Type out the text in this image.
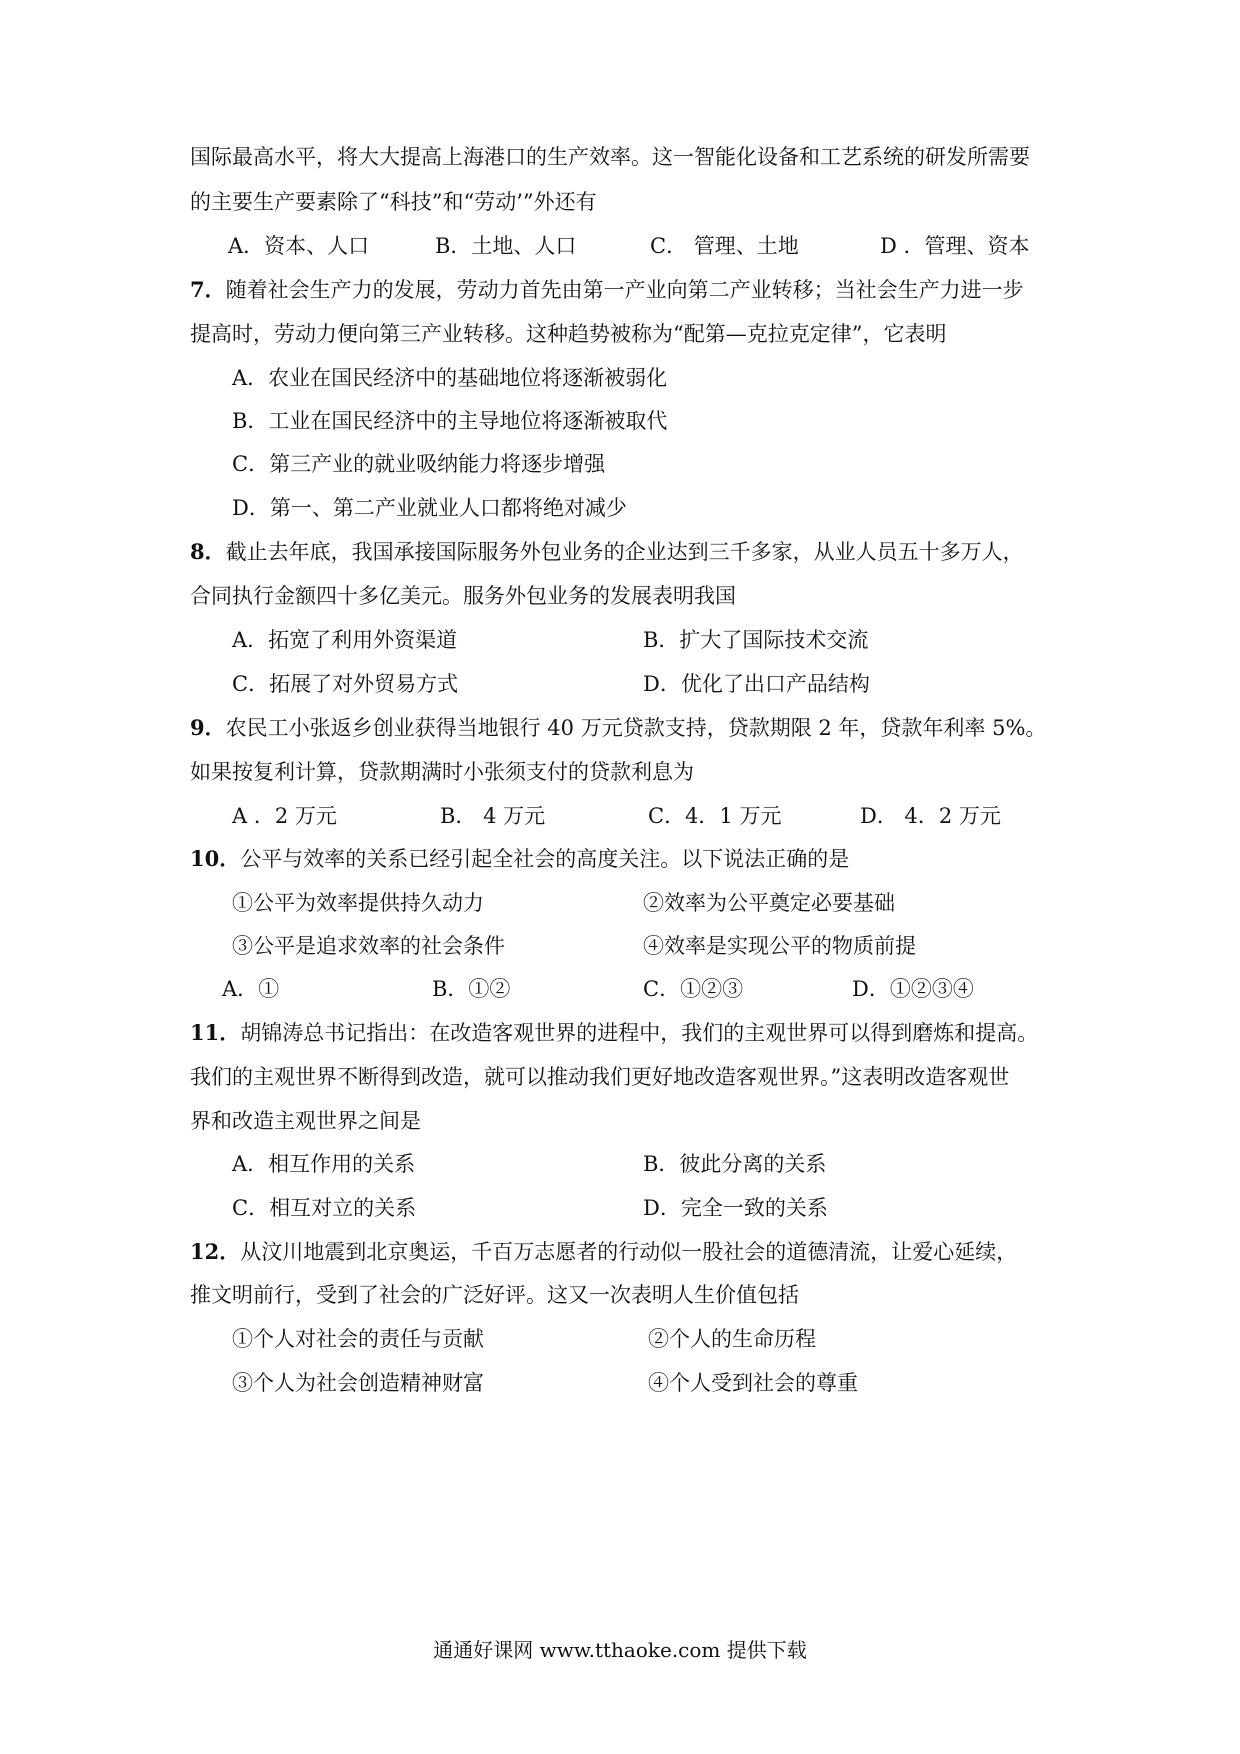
国际最高水平，将大大提高上海港口的生产效率。这一智能化设备和工艺系统的研发所需要
的主要生产要素除了“科技”和“劳动’”外还有
A．资本、人口	B．土地、人口	C． 管理、土地	D ．管理、资本
7．随着社会生产力的发展，劳动力首先由第一产业向第二产业转移；当社会生产力进一步
提高时，劳动力便向第三产业转移。这种趋势被称为“配第—克拉克定律”，它表明
A．农业在国民经济中的基础地位将逐渐被弱化
B．工业在国民经济中的主导地位将逐渐被取代
C．第三产业的就业吸纳能力将逐步增强
D．第一、第二产业就业人口都将绝对减少
8．截止去年底，我国承接国际服务外包业务的企业达到三千多家，从业人员五十多万人，
合同执行金额四十多亿美元。服务外包业务的发展表明我国
A．拓宽了利用外资渠道	B．扩大了国际技术交流
C．拓展了对外贸易方式	D．优化了出口产品结构
9．农民工小张返乡创业获得当地银行 40 万元贷款支持，贷款期限 2 年，贷款年利率 5%。
如果按复利计算，贷款期满时小张须支付的贷款利息为
A ．2 万元	B． 4 万元	C．4．1 万元	D． 4．2 万元
10．公平与效率的关系已经引起全社会的高度关注。以下说法正确的是
①公平为效率提供持久动力	②效率为公平奠定必要基础
③公平是追求效率的社会条件	④效率是实现公平的物质前提
A．①	B．①②	C．①②③	D．①②③④
11．胡锦涛总书记指出：在改造客观世界的进程中，我们的主观世界可以得到磨炼和提高。
我们的主观世界不断得到改造，就可以推动我们更好地改造客观世界。”这表明改造客观世
界和改造主观世界之间是
A．相互作用的关系	B．彼此分离的关系
C．相互对立的关系	D．完全一致的关系
12．从汶川地震到北京奥运，千百万志愿者的行动似一股社会的道德清流，让爱心延续，
推文明前行，受到了社会的广泛好评。这又一次表明人生价值包括
①个人对社会的责任与贡献	②个人的生命历程
③个人为社会创造精神财富	④个人受到社会的尊重
通通好课网 www.tthaoke.com 提供下载
